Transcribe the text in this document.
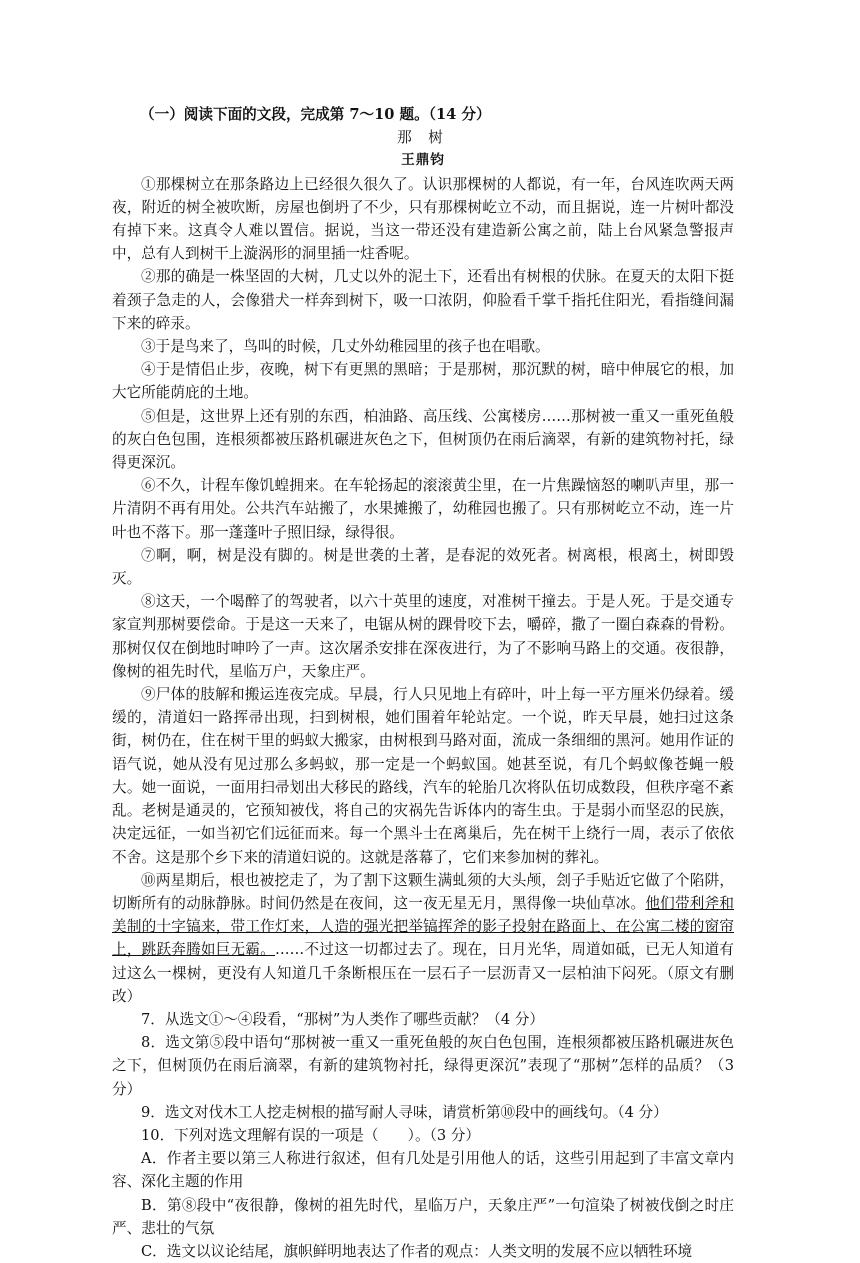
（一）阅读下面的文段，完成第 7～10 题。（14 分）

那 树

王鼎钧

①那棵树立在那条路边上已经很久很久了。认识那棵树的人都说，有一年，台风连吹两天两夜，附近的树全被吹断，房屋也倒坍了不少，只有那棵树屹立不动，而且据说，连一片树叶都没有掉下来。这真令人难以置信。据说，当这一带还没有建造新公寓之前，陆上台风紧急警报声中，总有人到树干上漩涡形的洞里插一炷香呢。

②那的确是一株坚固的大树，几丈以外的泥土下，还看出有树根的伏脉。在夏天的太阳下挺着颈子急走的人，会像猎犬一样奔到树下，吸一口浓阴，仰脸看千掌千指托住阳光，看指缝间漏下来的碎汞。

③于是鸟来了，鸟叫的时候，几丈外幼稚园里的孩子也在唱歌。

④于是情侣止步，夜晚，树下有更黑的黑暗；于是那树，那沉默的树，暗中伸展它的根，加大它所能荫庇的土地。

⑤但是，这世界上还有别的东西，柏油路、高压线、公寓楼房……那树被一重又一重死鱼般的灰白色包围，连根须都被压路机碾进灰色之下，但树顶仍在雨后滴翠，有新的建筑物衬托，绿得更深沉。

⑥不久，计程车像饥蝗拥来。在车轮扬起的滚滚黄尘里，在一片焦躁恼怒的喇叭声里，那一片清阴不再有用处。公共汽车站搬了，水果摊搬了，幼稚园也搬了。只有那树屹立不动，连一片叶也不落下。那一蓬蓬叶子照旧绿，绿得很。

⑦啊，啊，树是没有脚的。树是世袭的土著，是春泥的效死者。树离根，根离土，树即毁灭。

⑧这天，一个喝醉了的驾驶者，以六十英里的速度，对准树干撞去。于是人死。于是交通专家宣判那树要偿命。于是这一天来了，电锯从树的踝骨咬下去，嚼碎，撒了一圈白森森的骨粉。那树仅仅在倒地时呻吟了一声。这次屠杀安排在深夜进行，为了不影响马路上的交通。夜很静，像树的祖先时代，星临万户，天象庄严。

⑨尸体的肢解和搬运连夜完成。早晨，行人只见地上有碎叶，叶上每一平方厘米仍绿着。缓缓的，清道妇一路挥帚出现，扫到树根，她们围着年轮站定。一个说，昨天早晨，她扫过这条街，树仍在，住在树干里的蚂蚁大搬家，由树根到马路对面，流成一条细细的黑河。她用作证的语气说，她从没有见过那么多蚂蚁，那一定是一个蚂蚁国。她甚至说，有几个蚂蚁像苍蝇一般大。她一面说，一面用扫帚划出大移民的路线，汽车的轮胎几次将队伍切成数段，但秩序毫不紊乱。老树是通灵的，它预知被伐，将自己的灾祸先告诉体内的寄生虫。于是弱小而坚忍的民族，决定远征，一如当初它们远征而来。每一个黑斗士在离巢后，先在树干上绕行一周，表示了依依不舍。这是那个乡下来的清道妇说的。这就是落幕了，它们来参加树的葬礼。

⑩两星期后，根也被挖走了，为了割下这颗生满虬须的大头颅，刽子手贴近它做了个陷阱，切断所有的动脉静脉。时间仍然是在夜间，这一夜无星无月，黑得像一块仙草冰。他们带利斧和美制的十字镐来，带工作灯来，人造的强光把举镐挥斧的影子投射在路面上、在公寓二楼的窗帘上，跳跃奔腾如巨无霸。……不过这一切都过去了。现在，日月光华，周道如砥，已无人知道有过这么一棵树，更没有人知道几千条断根压在一层石子一层沥青又一层柏油下闷死。（原文有删改）

7．从选文①～④段看，“那树”为人类作了哪些贡献？（4 分）

8．选文第⑤段中语句“那树被一重又一重死鱼般的灰白色包围，连根须都被压路机碾进灰色之下，但树顶仍在雨后滴翠，有新的建筑物衬托，绿得更深沉”表现了“那树”怎样的品质？（3 分）

9．选文对伐木工人挖走树根的描写耐人寻味，请赏析第⑩段中的画线句。（4 分）

10．下列对选文理解有误的一项是（　　）。（3 分）

A．作者主要以第三人称进行叙述，但有几处是引用他人的话，这些引用起到了丰富文章内容、深化主题的作用

B．第⑧段中“夜很静，像树的祖先时代，星临万户，天象庄严”一句渲染了树被伐倒之时庄严、悲壮的气氛

C．选文以议论结尾，旗帜鲜明地表达了作者的观点：人类文明的发展不应以牺牲环境
